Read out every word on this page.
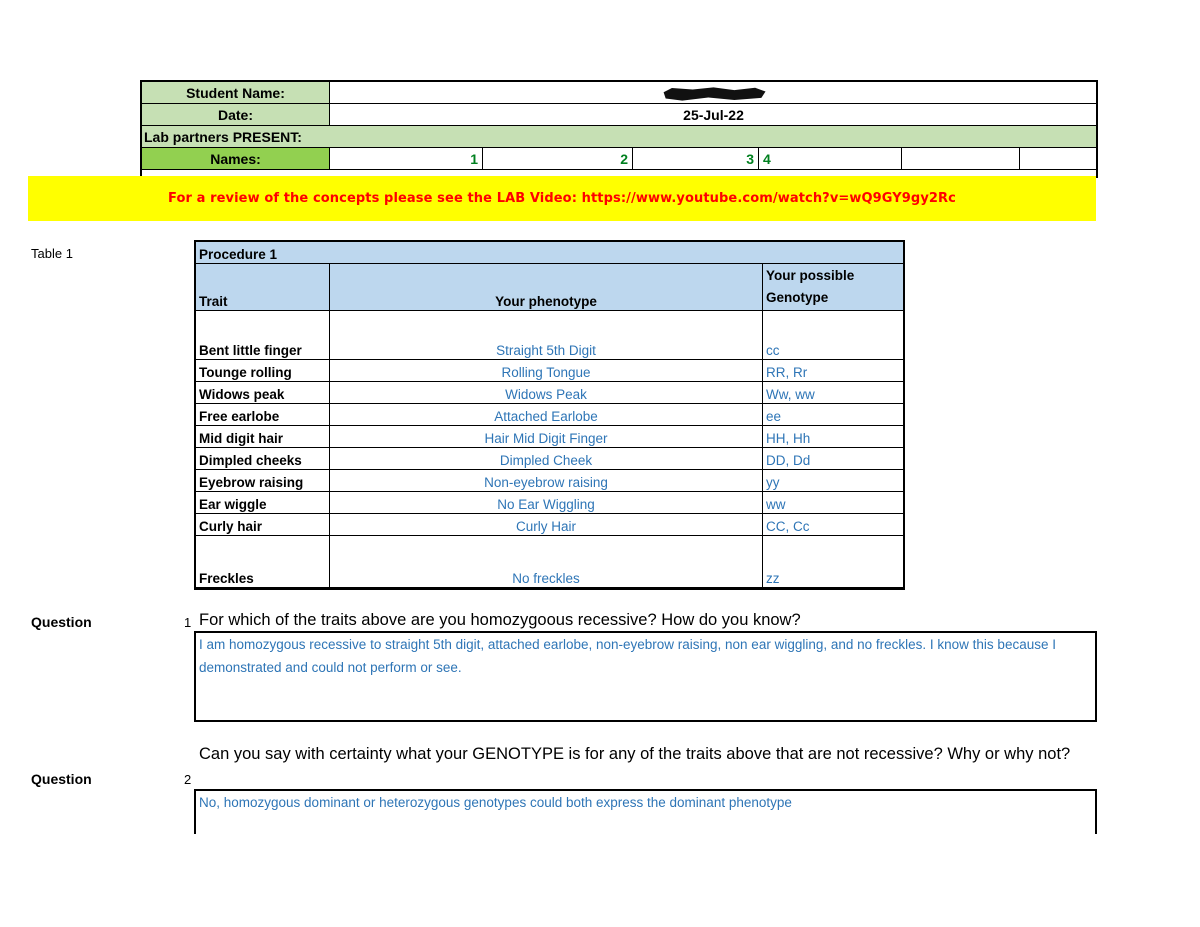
Student Name:						
Date:	25-Jul-22					
Lab partners PRESENT:						
Names:	1	2	3	4		
For a review of the concepts please see the LAB Video: https://www.youtube.com/watch?v=wQ9GY9gy2Rc
Table 1	Procedure 1		
Trait	Your phenotype	Your possible Genotype
Bent little finger	Straight 5th Digit	cc
Tounge rolling	Rolling Tongue	RR, Rr
Widows peak	Widows Peak	Ww, ww
Free earlobe	Attached Earlobe	ee
Mid digit hair	Hair Mid Digit Finger	HH, Hh
Dimpled cheeks	Dimpled Cheek	DD, Dd
Eyebrow raising	Non-eyebrow raising	yy
Ear wiggle	No Ear Wiggling	ww
Curly hair	Curly Hair	CC, Cc
Freckles	No freckles	zz
Question	1 For which of the traits above are you homozygoous recessive? How do you know?
I am homozygous recessive to straight 5th digit, attached earlobe, non-eyebrow raising, non ear wiggling, and no freckles. I know this because I demonstrated and could not perform or see.
Can you say with certainty what your GENOTYPE is for any of the traits above that are not recessive? Why or why not?
Question	2
No, homozygous dominant or heterozygous genotypes could both express the dominant phenotype
